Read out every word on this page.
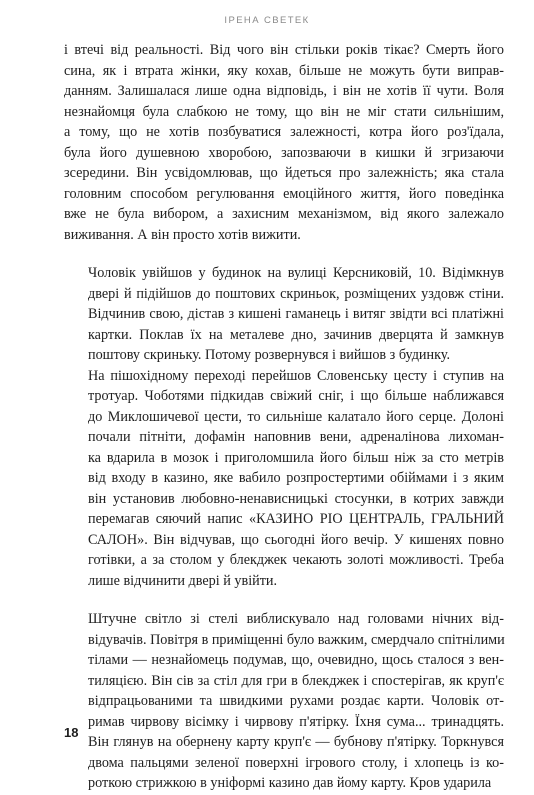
ІРЕНА СВЕТЕК

і втечі від реальності. Від чого він стільки років тікає? Смерть його
сина, як і втрата жінки, яку кохав, більше не можуть бути виправ-
данням. Залишалася лише одна відповідь, і він не хотів її чути. Воля
незнайомця була слабкою не тому, що він не міг стати сильнішим,
а тому, що не хотів позбуватися залежності, котра його роз'їдала,
була його душевною хворобою, запозваючи в кишки й згризаючи
зсередини. Він усвідомлював, що йдеться про залежність; яка стала
головним способом регулювання емоційного життя, його поведінка
вже не була вибором, а захисним механізмом, від якого залежало
виживання. А він просто хотів вижити.

Чоловік увійшов у будинок на вулиці Керсниковій, 10. Відімкнув
двері й підійшов до поштових скриньок, розміщених уздовж стіни.
Відчинив свою, дістав з кишені гаманець і витяг звідти всі платіжні
картки. Поклав їх на металеве дно, зачинив дверцята й замкнув
поштову скриньку. Потому розвернувся і вийшов з будинку.

На пішохідному переході перейшов Словенську цесту і ступив на
тротуар. Чоботями підкидав свіжий сніг, і що більше наближався
до Миклошичевої цести, то сильніше калатало його серце. Долоні
почали пітніти, дофамін наповнив вени, адреналінова лихоман-
ка вдарила в мозок і приголомшила його більш ніж за сто метрів
від входу в казино, яке вабило розпростертими обіймами і з яким
він установив любовно-ненависницькі стосунки, в котрих завжди
перемагав сяючий напис «КАЗИНО РІО ЦЕНТРАЛЬ, ГРАЛЬНИЙ
САЛОН». Він відчував, що сьогодні його вечір. У кишенях повно
готівки, а за столом у блекджек чекають золоті можливості. Треба
лише відчинити двері й увійти.

Штучне світло зі стелі виблискувало над головами нічних від-
відувачів. Повітря в приміщенні було важким, смердчало спітнілими
тілами — незнайомець подумав, що, очевидно, щось сталося з вен-
тиляцією. Він сів за стіл для гри в блекджек і спостерігав, як круп'є
відпрацьованими та швидкими рухами роздає карти. Чоловік от-
римав чирвову вісімку і чирвову п'ятірку. Їхня сума... тринадцять.
Він глянув на обернену карту круп'є — бубнову п'ятірку. Торкнувся
двома пальцями зеленої поверхні ігрового столу, і хлопець із ко-
роткою стрижкою в уніформі казино дав йому карту. Кров ударила

18
